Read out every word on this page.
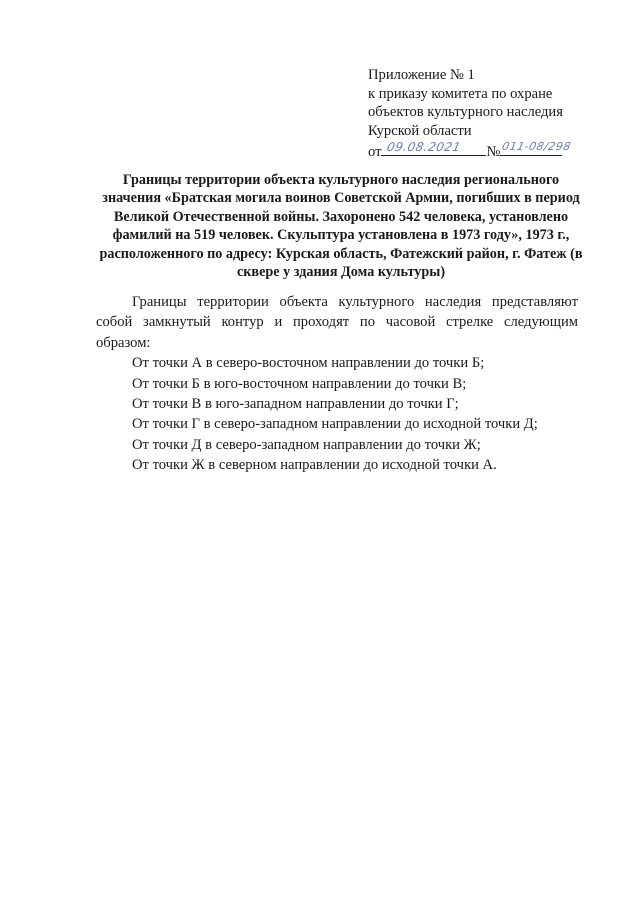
Приложение № 1
к приказу комитета по охране
объектов культурного наследия
Курской области
от 09.08.2021 № 011-08/298
Границы территории объекта культурного наследия регионального значения «Братская могила воинов Советской Армии, погибших в период Великой Отечественной войны. Захоронено 542 человека, установлено фамилий на 519 человек. Скульптура установлена в 1973 году», 1973 г., расположенного по адресу: Курская область, Фатежский район, г. Фатеж (в сквере у здания Дома культуры)

Границы территории объекта культурного наследия представляют собой замкнутый контур и проходят по часовой стрелке следующим образом:

От точки А в северо-восточном направлении до точки Б;
От точки Б в юго-восточном направлении до точки В;
От точки В в юго-западном направлении до точки Г;
От точки Г в северо-западном направлении до исходной точки Д;
От точки Д в северо-западном направлении до точки Ж;
От точки Ж в северном направлении до исходной точки А.
